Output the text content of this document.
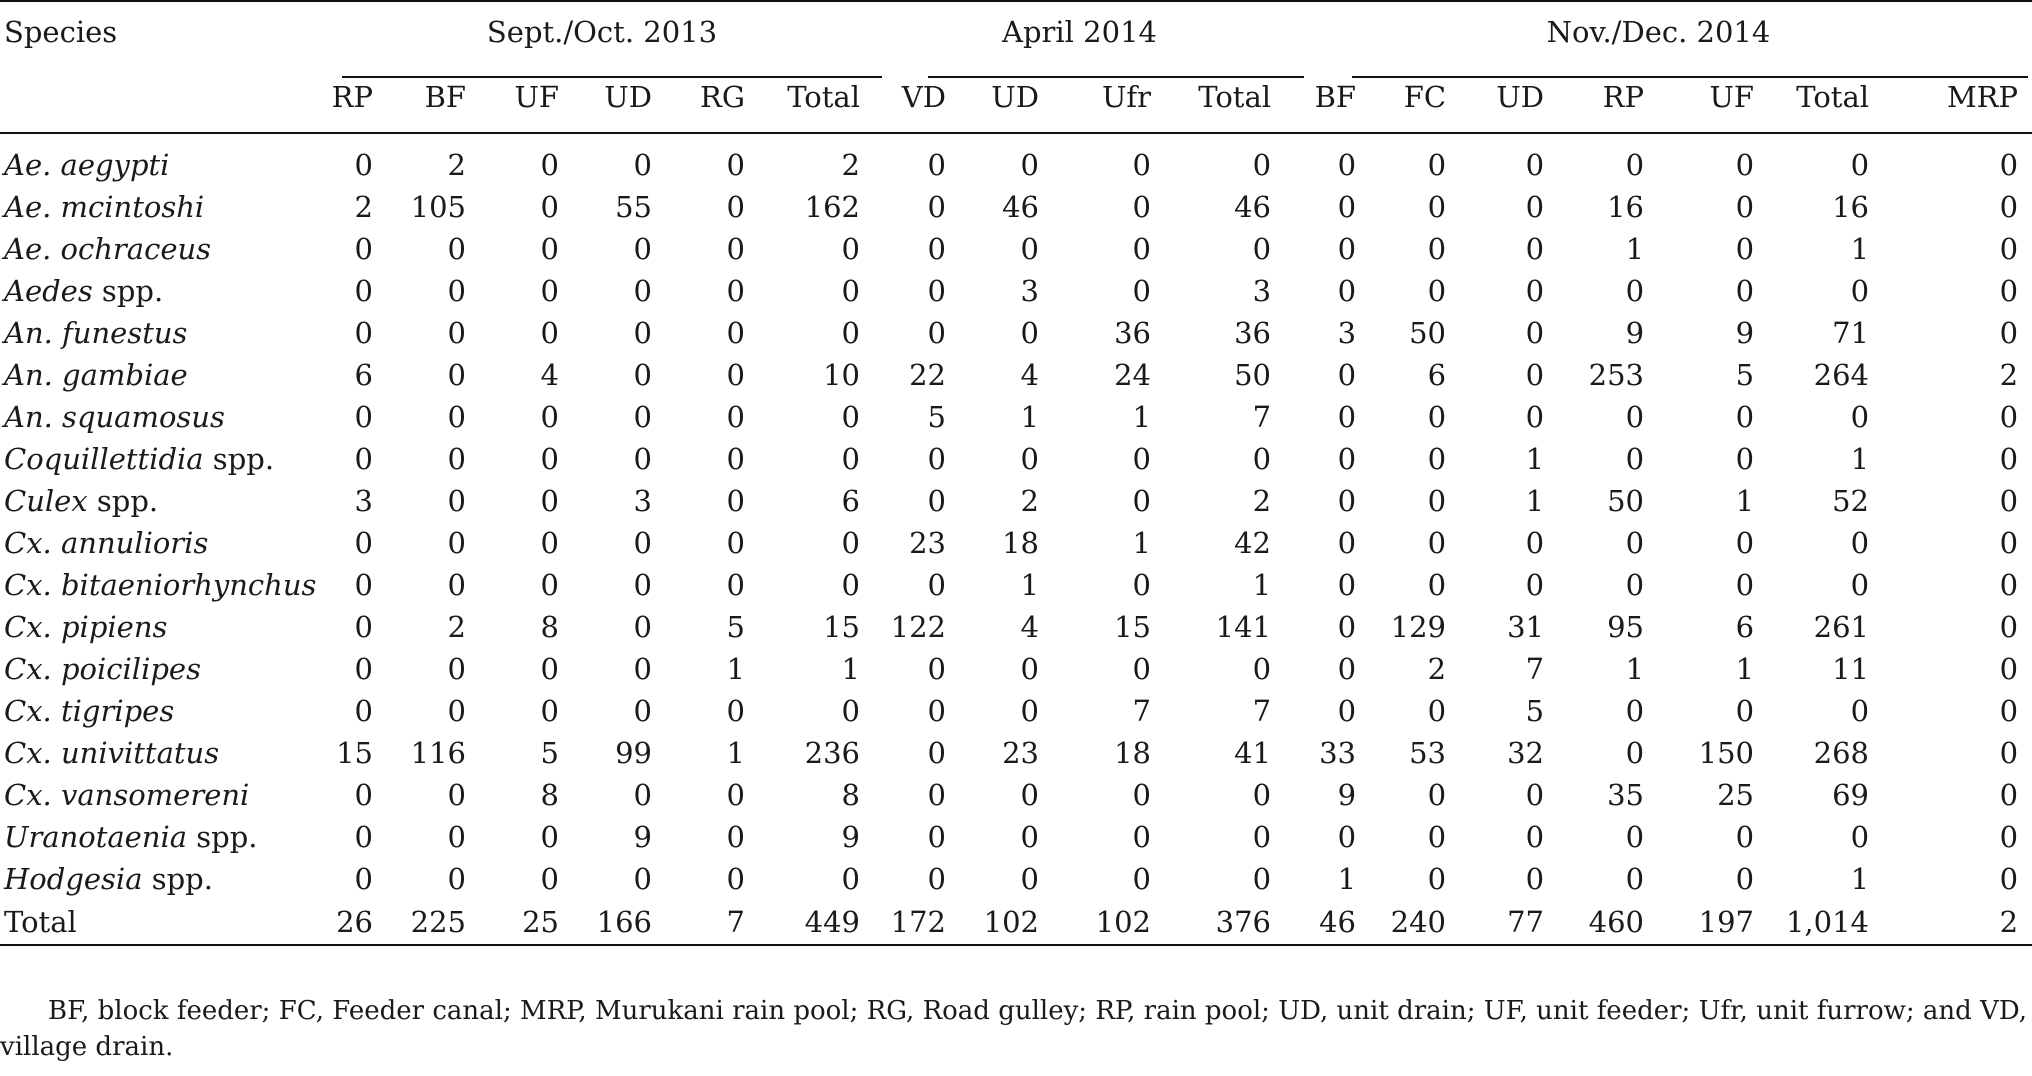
Species	Sept./Oct. 2013						April 2014				Nov./Dec. 2014						
	RP	BF	UF	UD	RG	Total	VD	UD	Ufr	Total	BF	FC	UD	RP	UF	Total	MRP
Ae. aegypti	0	2	0	0	0	2	0	0	0	0	0	0	0	0	0	0	0
Ae. mcintoshi	2	105	0	55	0	162	0	46	0	46	0	0	0	16	0	16	0
Ae. ochraceus	0	0	0	0	0	0	0	0	0	0	0	0	0	1	0	1	0
Aedes spp.	0	0	0	0	0	0	0	3	0	3	0	0	0	0	0	0	0
An. funestus	0	0	0	0	0	0	0	0	36	36	3	50	0	9	9	71	0
An. gambiae	6	0	4	0	0	10	22	4	24	50	0	6	0	253	5	264	2
An. squamosus	0	0	0	0	0	0	5	1	1	7	0	0	0	0	0	0	0
Coquillettidia spp.	0	0	0	0	0	0	0	0	0	0	0	0	1	0	0	1	0
Culex spp.	3	0	0	3	0	6	0	2	0	2	0	0	1	50	1	52	0
Cx. annulioris	0	0	0	0	0	0	23	18	1	42	0	0	0	0	0	0	0
Cx. bitaeniorhynchus	0	0	0	0	0	0	0	1	0	1	0	0	0	0	0	0	0
Cx. pipiens	0	2	8	0	5	15	122	4	15	141	0	129	31	95	6	261	0
Cx. poicilipes	0	0	0	0	1	1	0	0	0	0	0	2	7	1	1	11	0
Cx. tigripes	0	0	0	0	0	0	0	0	7	7	0	0	5	0	0	0	0
Cx. univittatus	15	116	5	99	1	236	0	23	18	41	33	53	32	0	150	268	0
Cx. vansomereni	0	0	8	0	0	8	0	0	0	0	9	0	0	35	25	69	0
Uranotaenia spp.	0	0	0	9	0	9	0	0	0	0	0	0	0	0	0	0	0
Hodgesia spp.	0	0	0	0	0	0	0	0	0	0	1	0	0	0	0	1	0
Total	26	225	25	166	7	449	172	102	102	376	46	240	77	460	197	1,014	2
BF, block feeder; FC, Feeder canal; MRP, Murukani rain pool; RG, Road gulley; RP, rain pool; UD, unit drain; UF, unit feeder; Ufr, unit furrow; and VD,
village drain.
